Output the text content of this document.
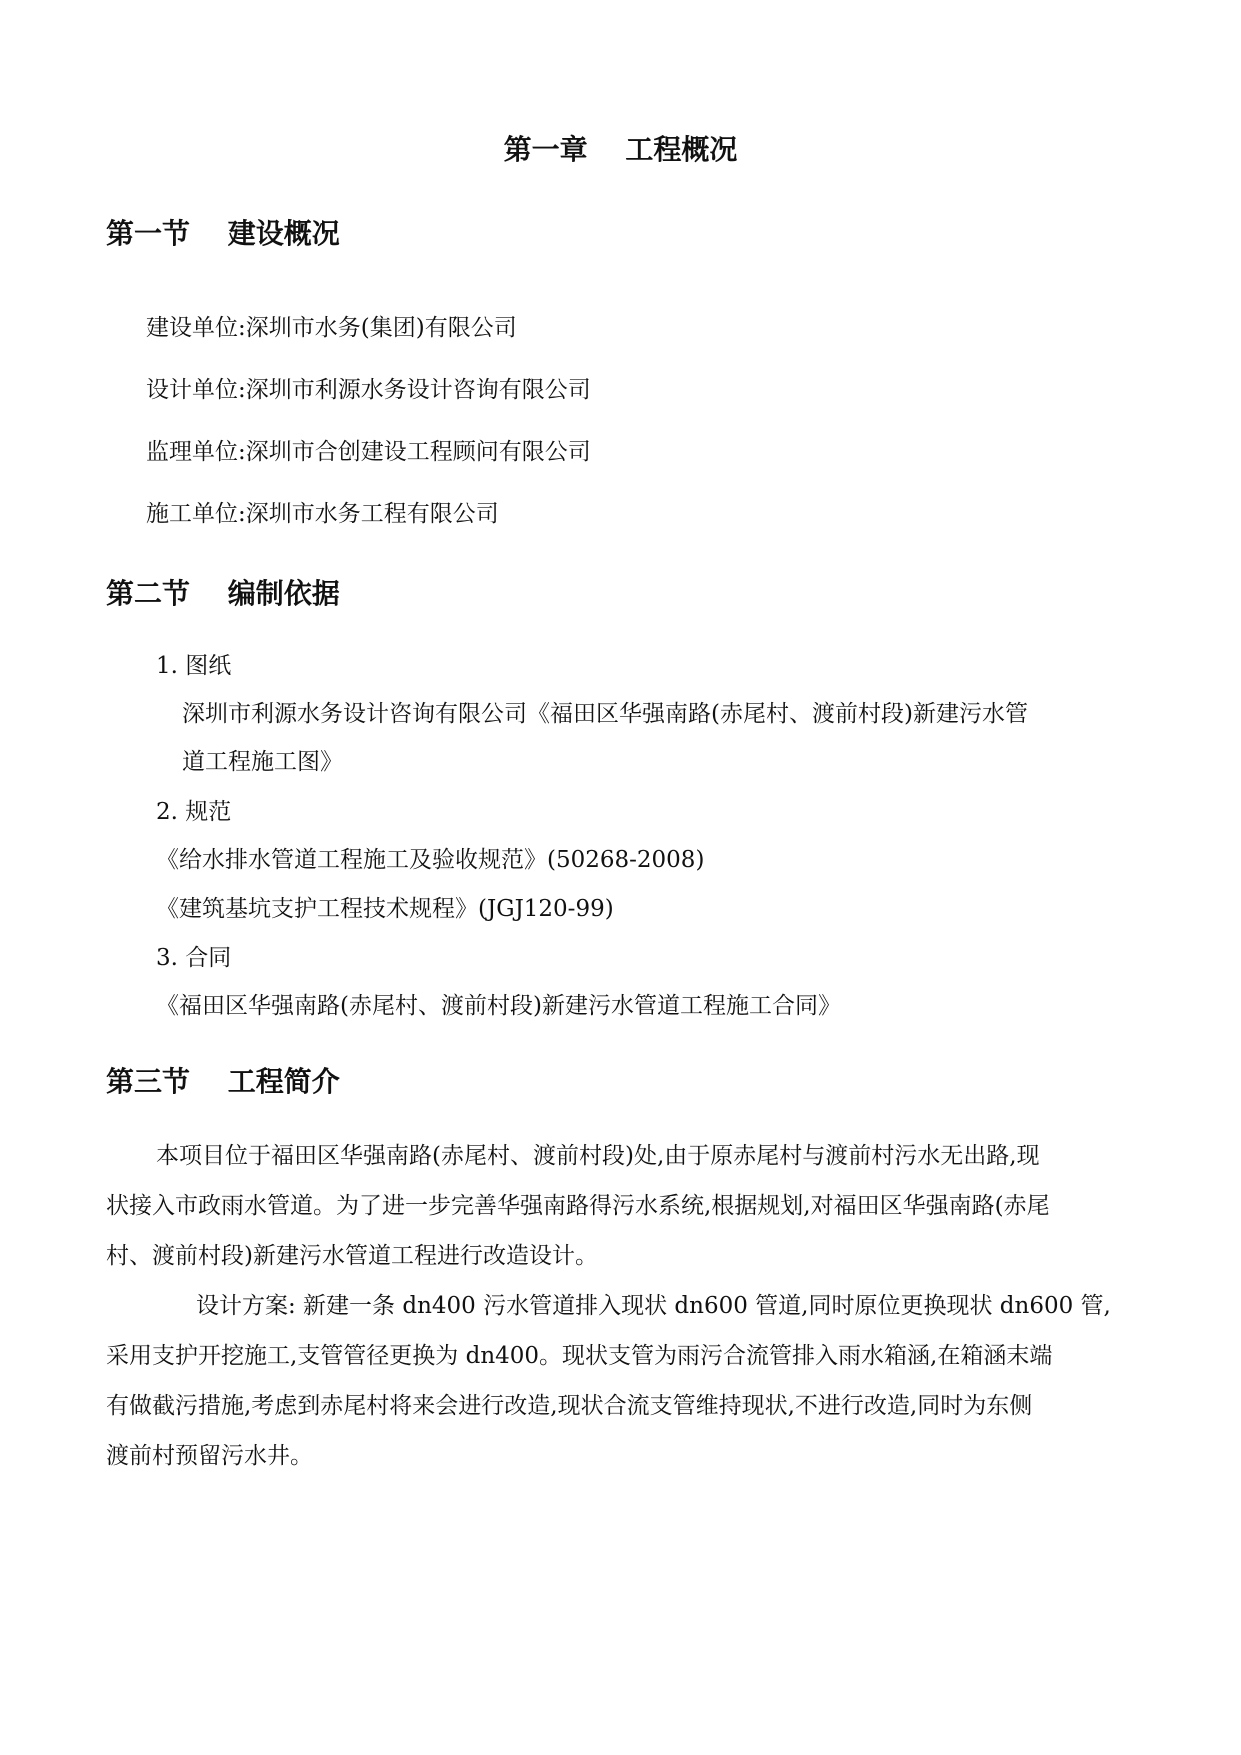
第一章　 工程概况
第一节　 建设概况
建设单位:深圳市水务(集团)有限公司
设计单位:深圳市利源水务设计咨询有限公司
监理单位:深圳市合创建设工程顾问有限公司
施工单位:深圳市水务工程有限公司
第二节　 编制依据
1. 图纸
深圳市利源水务设计咨询有限公司《福田区华强南路(赤尾村、渡前村段)新建污水管
道工程施工图》
2. 规范
《给水排水管道工程施工及验收规范》(50268-2008)
《建筑基坑支护工程技术规程》(JGJ120-99)
3. 合同
《福田区华强南路(赤尾村、渡前村段)新建污水管道工程施工合同》
第三节　 工程简介
本项目位于福田区华强南路(赤尾村、渡前村段)处,由于原赤尾村与渡前村污水无出路,现
状接入市政雨水管道。为了进一步完善华强南路得污水系统,根据规划,对福田区华强南路(赤尾
村、渡前村段)新建污水管道工程进行改造设计。
设计方案: 新建一条 dn400 污水管道排入现状 dn600 管道,同时原位更换现状 dn600 管,
采用支护开挖施工,支管管径更换为 dn400。现状支管为雨污合流管排入雨水箱涵,在箱涵末端
有做截污措施,考虑到赤尾村将来会进行改造,现状合流支管维持现状,不进行改造,同时为东侧
渡前村预留污水井。
